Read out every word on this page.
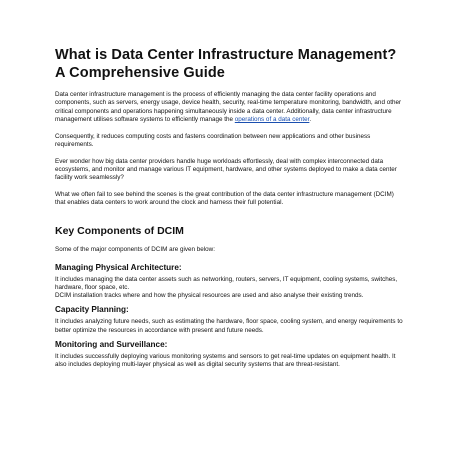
What is Data Center Infrastructure Management? A Comprehensive Guide

Data center infrastructure management is the process of efficiently managing the data center facility operations and components, such as servers, energy usage, device health, security, real-time temperature monitoring, bandwidth, and other critical components and operations happening simultaneously inside a data center. Additionally, data center infrastructure management utilises software systems to efficiently manage the operations of a data center.

Consequently, it reduces computing costs and fastens coordination between new applications and other business requirements.

Ever wonder how big data center providers handle huge workloads effortlessly, deal with complex interconnected data ecosystems, and monitor and manage various IT equipment, hardware, and other systems deployed to make a data center facility work seamlessly?

What we often fail to see behind the scenes is the great contribution of the data center infrastructure management (DCIM) that enables data centers to work around the clock and harness their full potential.

Key Components of DCIM

Some of the major components of DCIM are given below:

Managing Physical Architecture:

It includes managing the data center assets such as networking, routers, servers, IT equipment, cooling systems, switches, hardware, floor space, etc.

DCIM installation tracks where and how the physical resources are used and also analyse their existing trends.

Capacity Planning:

It includes analyzing future needs, such as estimating the hardware, floor space, cooling system, and energy requirements to better optimize the resources in accordance with present and future needs.

Monitoring and Surveillance:

It includes successfully deploying various monitoring systems and sensors to get real-time updates on equipment health. It also includes deploying multi-layer physical as well as digital security systems that are threat-resistant.
